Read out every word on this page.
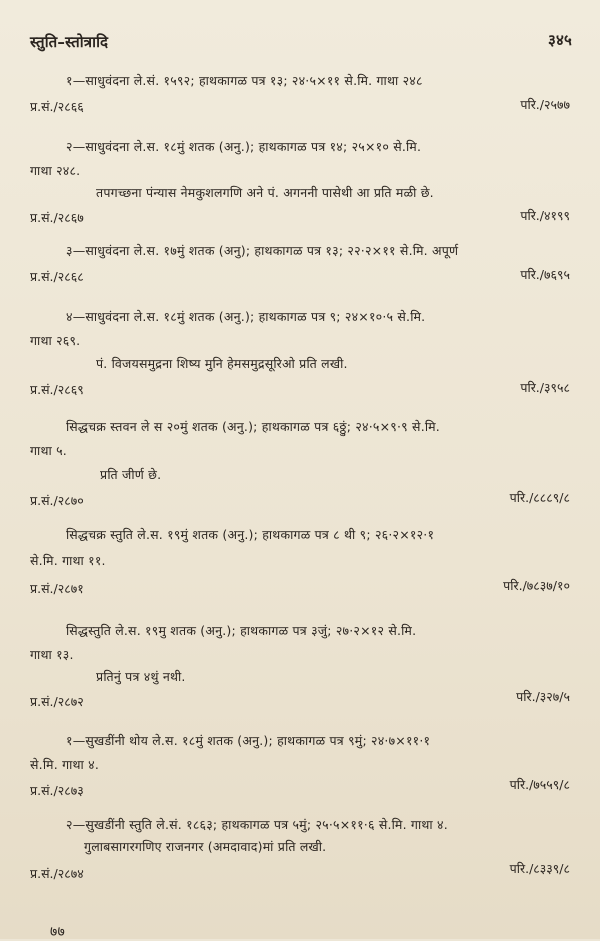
स्तुति–स्तोत्रादि	३४५
१—साधुवंदना ले.सं. १५९२; हाथकागळ पत्र १३; २४·५×११ से.मि. गाथा २४८
प्र.सं./२८६६	परि./२५७७
२—साधुवंदना ले.स. १८मुं शतक (अनु.); हाथकागळ पत्र १४; २५×१० से.मि.
गाथा २४८.
तपगच्छना पंन्यास नेमकुशलगणि अने पं. अगननी पासेथी आ प्रति मळी छे.
प्र.सं./२८६७	परि./४१९९
३—साधुवंदना ले.स. १७मुं शतक (अनु); हाथकागळ पत्र १३; २२·२×११ से.मि. अपूर्ण
प्र.सं./२८६८	परि./७६९५
४—साधुवंदना ले.स. १८मुं शतक (अनु.); हाथकागळ पत्र ९; २४×१०·५ से.मि.
गाथा २६९.
पं. विजयसमुद्रना शिष्य मुनि हेमसमुद्रसूरिओ प्रति लखी.
प्र.सं./२८६९	परि./३९५८
सिद्धचक्र स्तवन ले स २०मुं शतक (अनु.); हाथकागळ पत्र ६ठ्ठुं; २४·५×९·९ से.मि.
गाथा ५.
प्रति जीर्ण छे.
प्र.सं./२८७०	परि./८८८९/८
सिद्धचक्र स्तुति ले.स. १९मुं शतक (अनु.); हाथकागळ पत्र ८ थी ९; २६·२×१२·१
से.मि. गाथा ११.
प्र.सं./२८७१	परि./७८३७/१०
सिद्धस्तुति ले.स. १९मु शतक (अनु.); हाथकागळ पत्र ३जुं; २७·२×१२ से.मि.
गाथा १३.
प्रतिनुं पत्र ४थुं नथी.
प्र.सं./२८७२	परि./३२७/५
१—सुखडींनी थोय ले.स. १८मुं शतक (अनु.); हाथकागळ पत्र ९मुं; २४·७×११·१
से.मि. गाथा ४.
प्र.सं./२८७३	परि./७५५९/८
२—सुखडींनी स्तुति ले.सं. १८६३; हाथकागळ पत्र ५मुं; २५·५×११·६ से.मि. गाथा ४.
गुलाबसागरगणिए राजनगर (अमदावाद)मां प्रति लखी.
प्र.सं./२८७४	परि./८३३९/८
७७
